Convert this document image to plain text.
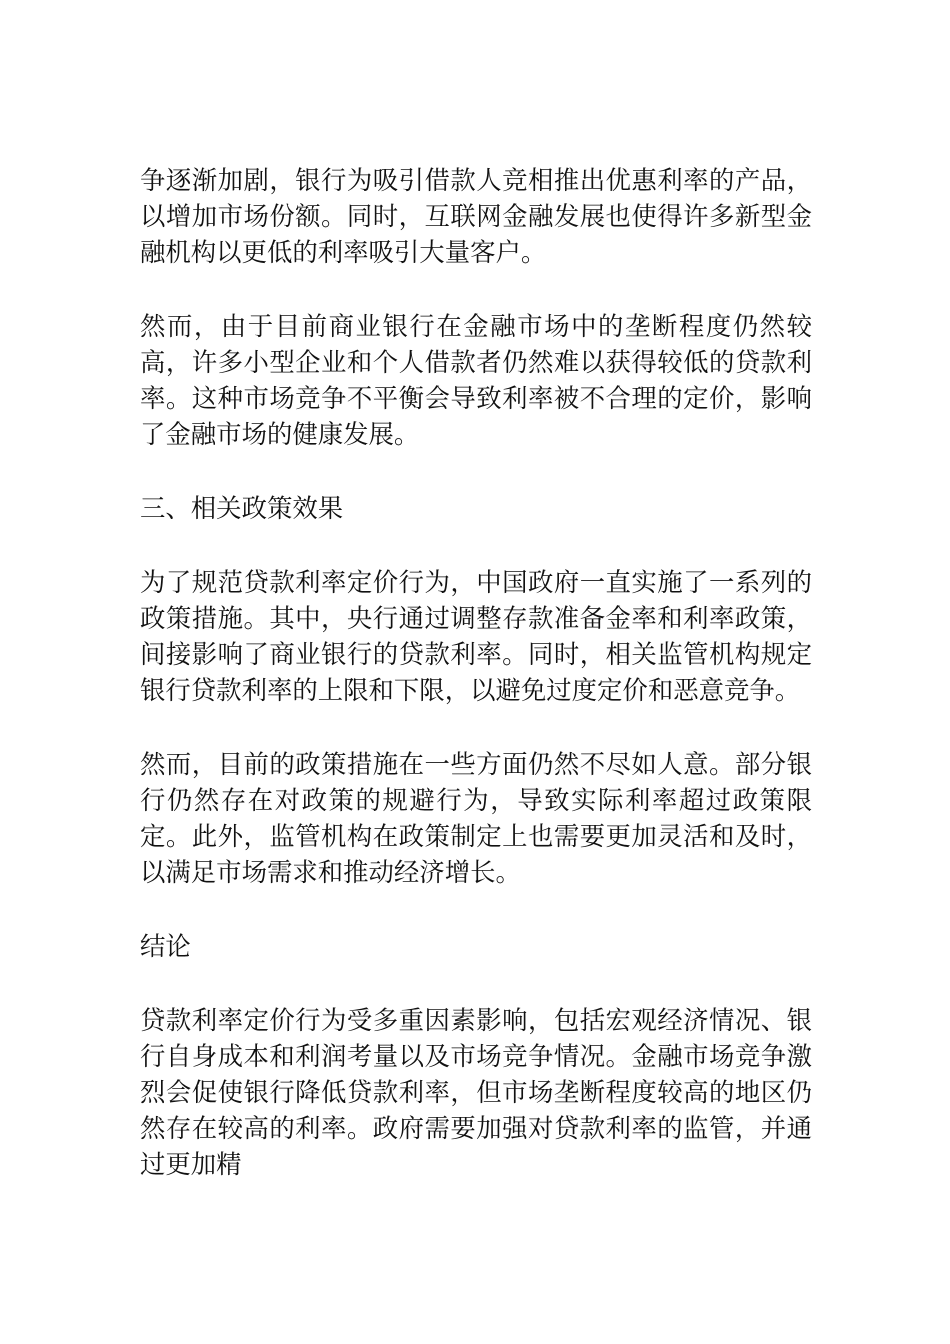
争逐渐加剧，银行为吸引借款人竞相推出优惠利率的产品，以增加市场份额。同时，互联网金融发展也使得许多新型金融机构以更低的利率吸引大量客户。

然而，由于目前商业银行在金融市场中的垄断程度仍然较高，许多小型企业和个人借款者仍然难以获得较低的贷款利率。这种市场竞争不平衡会导致利率被不合理的定价，影响了金融市场的健康发展。

三、相关政策效果

为了规范贷款利率定价行为，中国政府一直实施了一系列的政策措施。其中，央行通过调整存款准备金率和利率政策，间接影响了商业银行的贷款利率。同时，相关监管机构规定银行贷款利率的上限和下限，以避免过度定价和恶意竞争。

然而，目前的政策措施在一些方面仍然不尽如人意。部分银行仍然存在对政策的规避行为，导致实际利率超过政策限定。此外，监管机构在政策制定上也需要更加灵活和及时，以满足市场需求和推动经济增长。

结论

贷款利率定价行为受多重因素影响，包括宏观经济情况、银行自身成本和利润考量以及市场竞争情况。金融市场竞争激烈会促使银行降低贷款利率，但市场垄断程度较高的地区仍然存在较高的利率。政府需要加强对贷款利率的监管，并通过更加精
